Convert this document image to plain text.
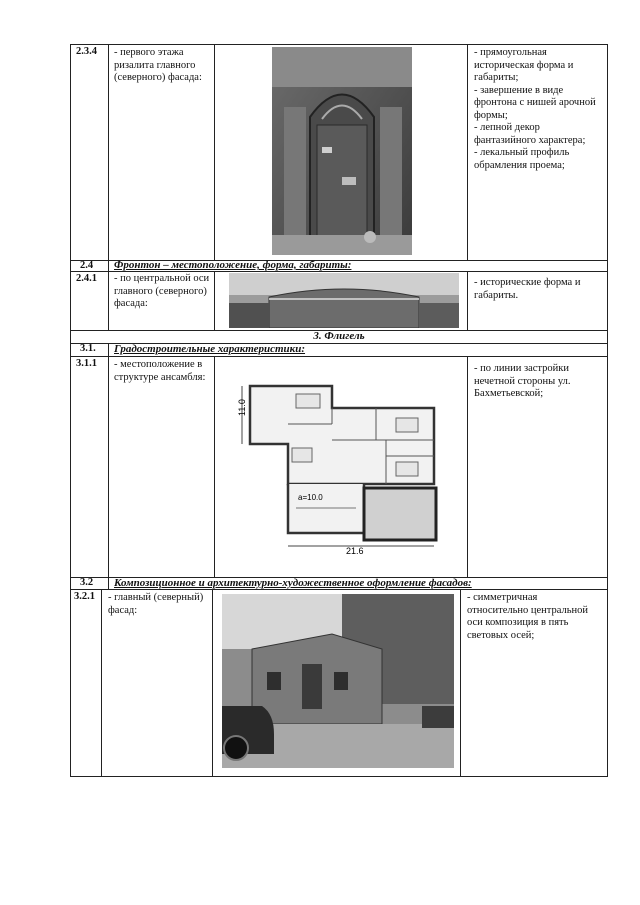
2.3.4 - первого этажа ризалита главного (северного) фасада:
- прямоугольная историческая форма и габариты;
- завершение в виде фронтона с нишей арочной формы;
- лепной декор фантазийного характера;
- лекальный профиль обрамления проема;
2.4 Фронтон – местоположение, форма, габариты:
2.4.1 - по центральной оси главного (северного) фасада:
- исторические форма и габариты.
3. Флигель
3.1. Градостроительные характеристики:
3.1.1 - местоположение в структуре ансамбля:
11.0
21.6
a=10.0
- по линии застройки нечетной стороны ул. Бахметьевской;
3.2 Композиционное и архитектурно-художественное оформление фасадов:
3.2.1 - главный (северный) фасад:
- симметричная относительно центральной оси композиция в пять световых осей;
